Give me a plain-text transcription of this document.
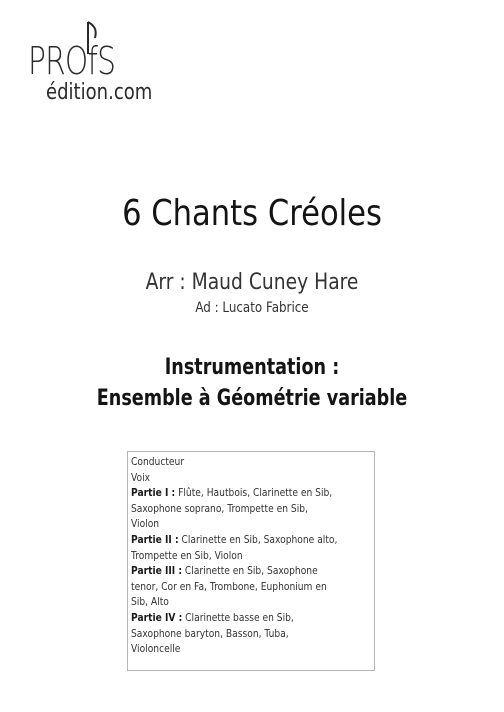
PROfS
édition.com
6 Chants Créoles
Arr : Maud Cuney Hare
Ad : Lucato Fabrice
Instrumentation :
Ensemble à Géométrie variable
Conducteur
Voix
Partie I : Flûte, Hautbois, Clarinette en Sib,
Saxophone soprano, Trompette en Sib,
Violon
Partie II : Clarinette en Sib, Saxophone alto,
Trompette en Sib, Violon
Partie III : Clarinette en Sib, Saxophone
tenor, Cor en Fa, Trombone, Euphonium en
Sib, Alto
Partie IV : Clarinette basse en Sib,
Saxophone baryton, Basson, Tuba,
Violoncelle
